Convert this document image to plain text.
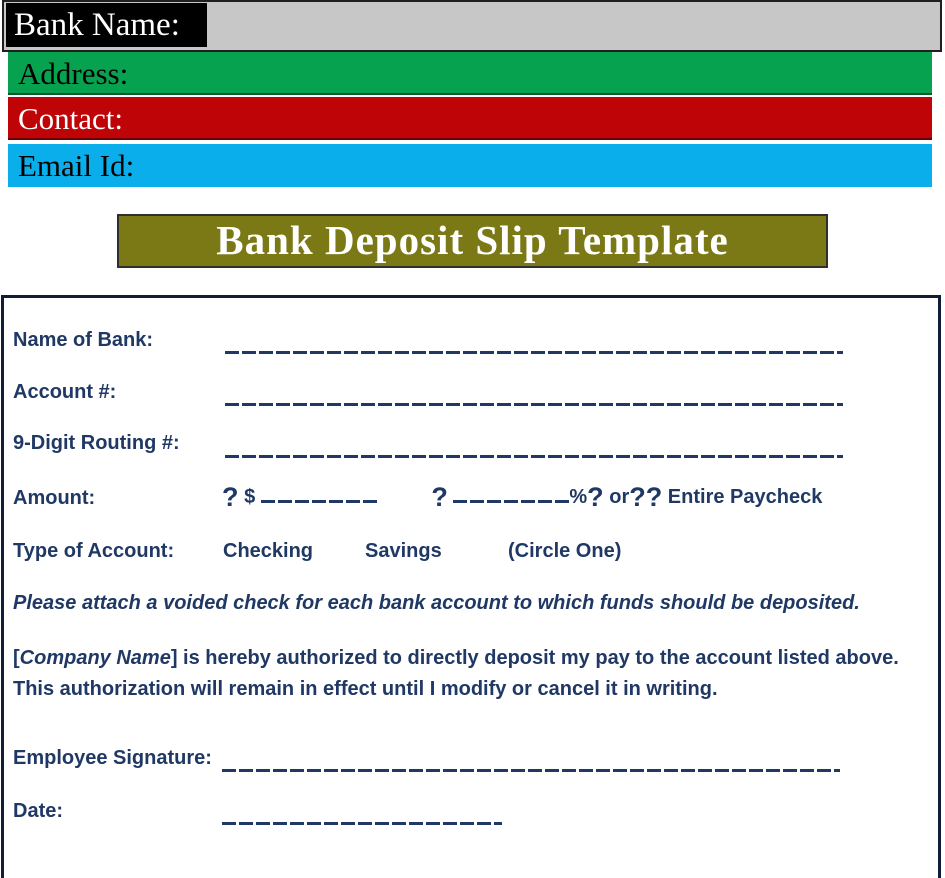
Bank Name:
Address:
Contact:
Email Id:
Bank Deposit Slip Template
Name of Bank:
Account #:
9-Digit Routing #:
Amount:	? $	?	%? or?? Entire Paycheck
Type of Account: Checking	Savings	(Circle One)
Please attach a voided check for each bank account to which funds should be deposited.
[Company Name] is hereby authorized to directly deposit my pay to the account listed above. This authorization will remain in effect until I modify or cancel it in writing.
Employee Signature:
Date:
